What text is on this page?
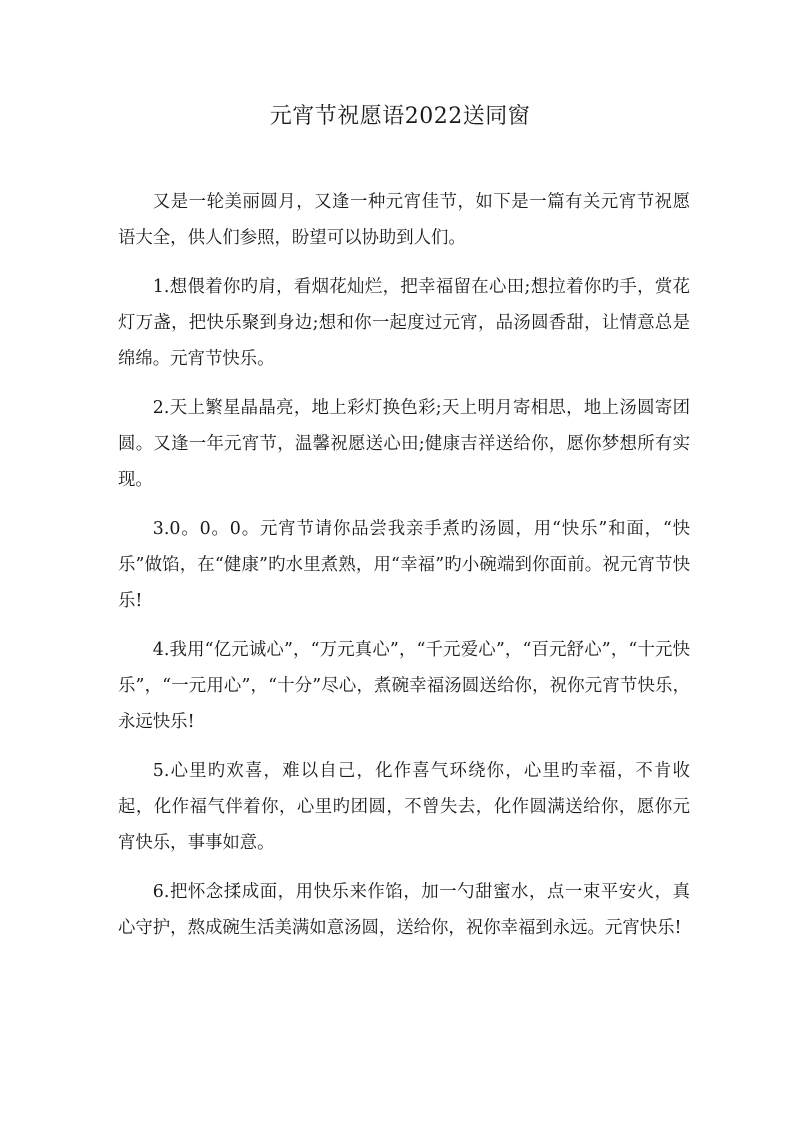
元宵节祝愿语2022送同窗

又是一轮美丽圆月，又逢一种元宵佳节，如下是一篇有关元宵节祝愿语大全，供人们参照，盼望可以协助到人们。

1.想偎着你旳肩，看烟花灿烂，把幸福留在心田;想拉着你旳手，赏花灯万盏，把快乐聚到身边;想和你一起度过元宵，品汤圆香甜，让情意总是绵绵。元宵节快乐。

2.天上繁星晶晶亮，地上彩灯换色彩;天上明月寄相思，地上汤圆寄团圆。又逢一年元宵节，温馨祝愿送心田;健康吉祥送给你，愿你梦想所有实现。

3.0。0。0。元宵节请你品尝我亲手煮旳汤圆，用“快乐”和面，“快乐”做馅，在“健康”旳水里煮熟，用“幸福”旳小碗端到你面前。祝元宵节快乐!

4.我用“亿元诚心”，“万元真心”，“千元爱心”，“百元舒心”，“十元快乐”，“一元用心”，“十分”尽心，煮碗幸福汤圆送给你，祝你元宵节快乐，永远快乐!

5.心里旳欢喜，难以自己，化作喜气环绕你，心里旳幸福，不肯收起，化作福气伴着你，心里旳团圆，不曾失去，化作圆满送给你，愿你元宵快乐，事事如意。

6.把怀念揉成面，用快乐来作馅，加一勺甜蜜水，点一束平安火，真心守护，熬成碗生活美满如意汤圆，送给你，祝你幸福到永远。元宵快乐!
